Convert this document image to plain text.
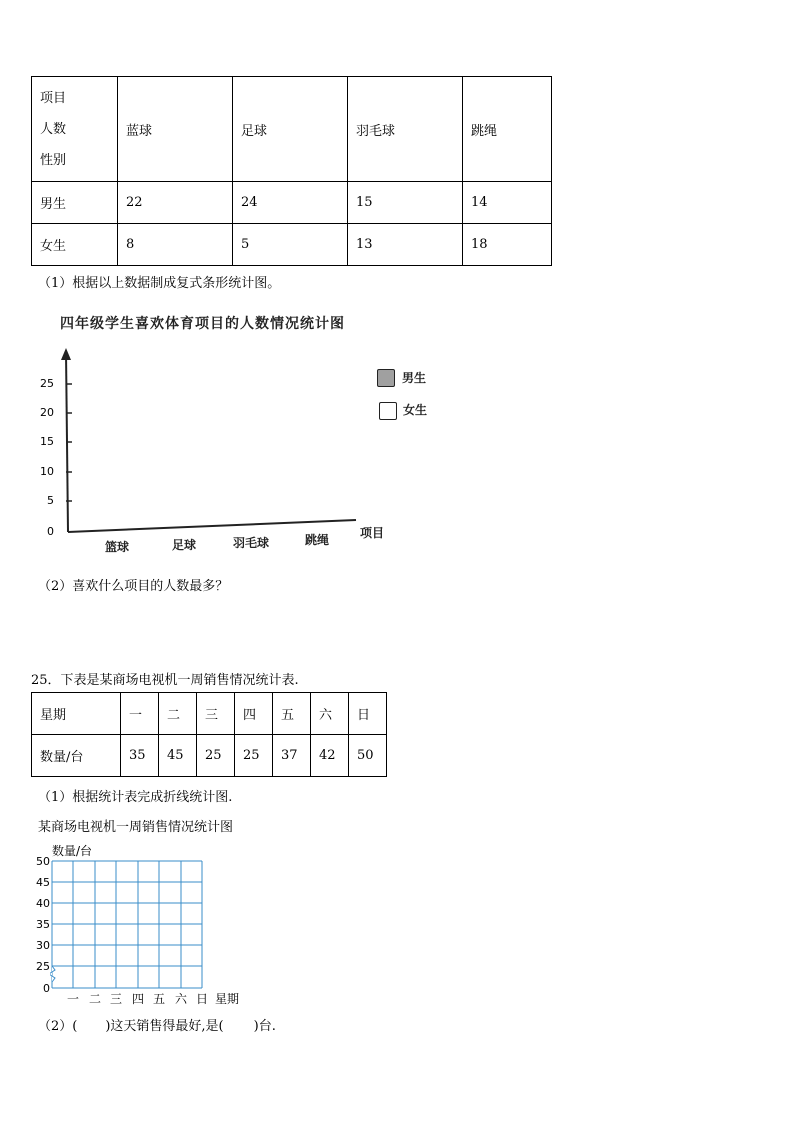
项目
人数
性别	蓝球	足球	羽毛球	跳绳
男生	22	24	15	14
女生	8	5	13	18
（1）根据以上数据制成复式条形统计图。
四年级学生喜欢体育项目的人数情况统计图
25
20
15
10
5
0
篮球	足球	羽毛球	跳绳	项目
男生
女生
（2）喜欢什么项目的人数最多？
25．下表是某商场电视机一周销售情况统计表.
星期	一	二	三	四	五	六	日
数量/台	35	45	25	25	37	42	50
（1）根据统计表完成折线统计图.
某商场电视机一周销售情况统计图
数量/台
50
45
40
35
30
25
0
一 二 三 四 五 六 日 星期
（2）( )这天销售得最好,是( )台.
